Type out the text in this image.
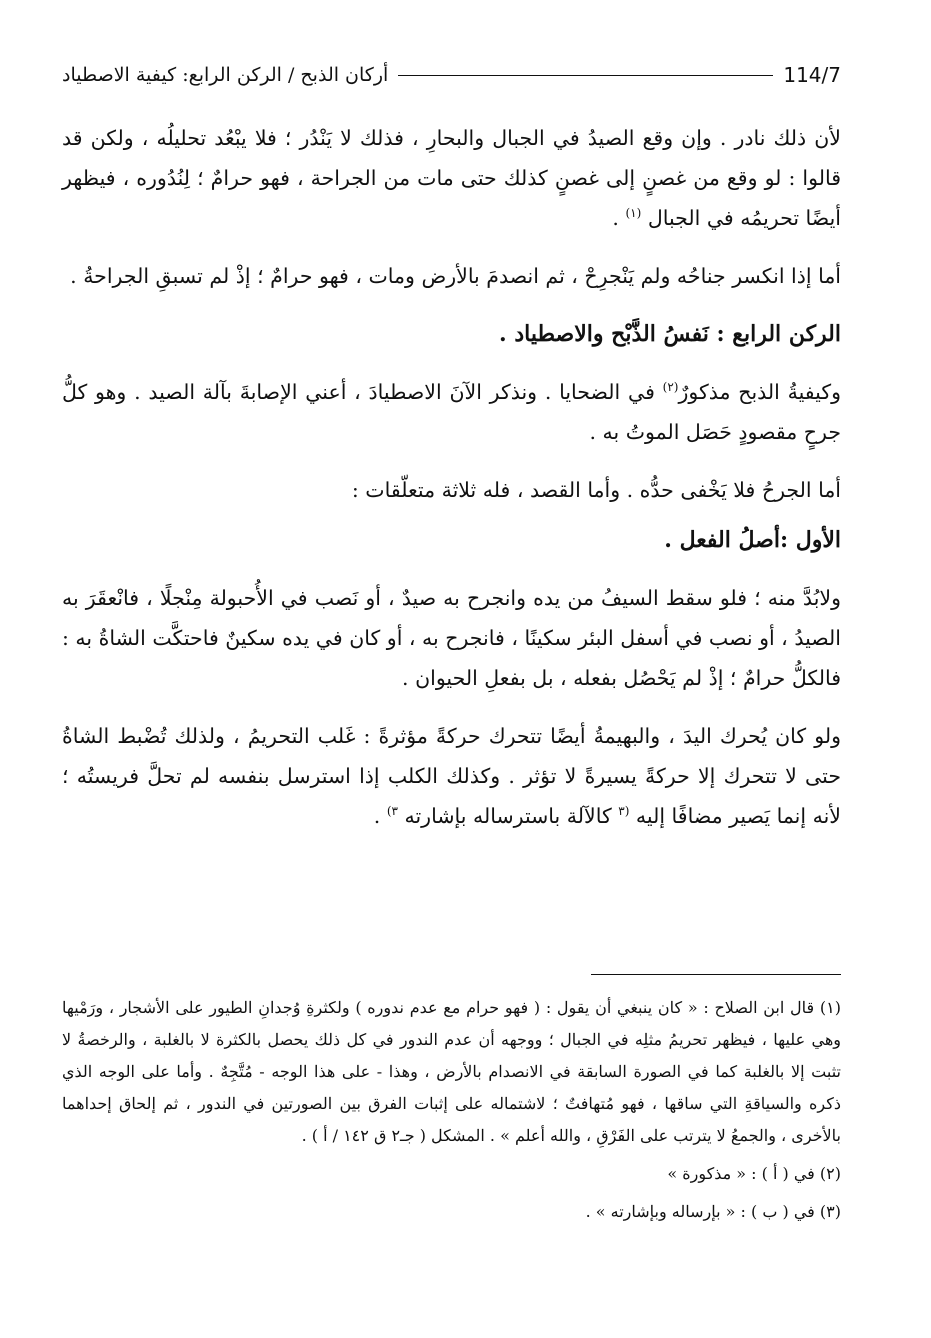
114/7
أركان الذبح / الركن الرابع: كيفية الاصطياد

لأن ذلك نادر . وإن وقع الصيدُ في الجبال والبحارِ ، فذلك لا يَنْدُر ؛ فلا يبْعُد تحليلُه ، ولكن قد قالوا : لو وقع من غصنٍ إلى غصنٍ كذلك حتى مات من الجراحة ، فهو حرامٌ ؛ لِنُدُوره ، فيظهر أيضًا تحريمُه في الجبال $^{(١)}$ .

أما إذا انكسر جناحُه ولم يَنْجرِحْ ، ثم انصدمَ بالأرض ومات ، فهو حرامٌ ؛ إذْ لم تسبقِ الجراحةُ .

الركن الرابع : نَفسُ الذَّبْح والاصطياد .

وكيفيةُ الذبح مذكورٌ$^{(٢)}$ في الضحايا . ونذكر الآنَ الاصطيادَ ، أعني الإصابةَ بآلة الصيد . وهو كلُّ جرحٍ مقصودٍ حَصَل الموتُ به .

أما الجرحُ فلا يَخْفى حدُّه . وأما القصد ، فله ثلاثة متعلّقات :

الأول :أصلُ الفعل .

ولابُدَّ منه ؛ فلو سقط السيفُ من يده وانجرح به صيدٌ ، أو نَصب في الأُحبولة مِنْجلًا ، فانْعقَرَ به الصيدُ ، أو نصب في أسفل البئر سكينًا ، فانجرح به ، أو كان في يده سكينٌ فاحتكَّت الشاةُ به : فالكلُّ حرامٌ ؛ إذْ لم يَحْصُل بفعله ، بل بفعلِ الحيوان .

ولو كان يُحرك اليدَ ، والبهيمةُ أيضًا تتحرك حركةً مؤثرةً : غَلب التحريمُ ، ولذلك تُضْبط الشاةُ حتى لا تتحرك إلا حركةً يسيرةً لا تؤثر . وكذلك الكلب إذا استرسل بنفسه لم تحلَّ فريستُه ؛ لأنه إنما يَصير مضافًا إليه $^{(٣}$ كالآلة باسترساله بإشارته $^{٣)}$ .

(١) قال ابن الصلاح : « كان ينبغي أن يقول : ( فهو حرام مع عدم ندوره ) ولكثرةِ وُجدانِ الطيور على الأشجار ، ورَمْيها وهي عليها ، فيظهر تحريمُ مثلِه في الجبال ؛ ووجهه أن عدم الندور في كل ذلك يحصل بالكثرة لا بالغلبة ، والرخصةُ لا تثبت إلا بالغلبة كما في الصورة السابقة في الانصدام بالأرض ، وهذا - على هذا الوجه - مُتَّجِهٌ . وأما على الوجه الذي ذكره والسياقةِ التي ساقها ، فهو مُتهافتٌ ؛ لاشتماله على إثبات الفرق بين الصورتين في الندور ، ثم إلحاق إحداهما بالأخرى ، والجمعُ لا يترتب على الفَرْقِ ، والله أعلم » . المشكل ( جـ٢ ق ١٤٢ / أ ) .

(٢) في ( أ ) : « مذكورة »

(٣) في ( ب ) : « بإرساله وبإشارته » .
